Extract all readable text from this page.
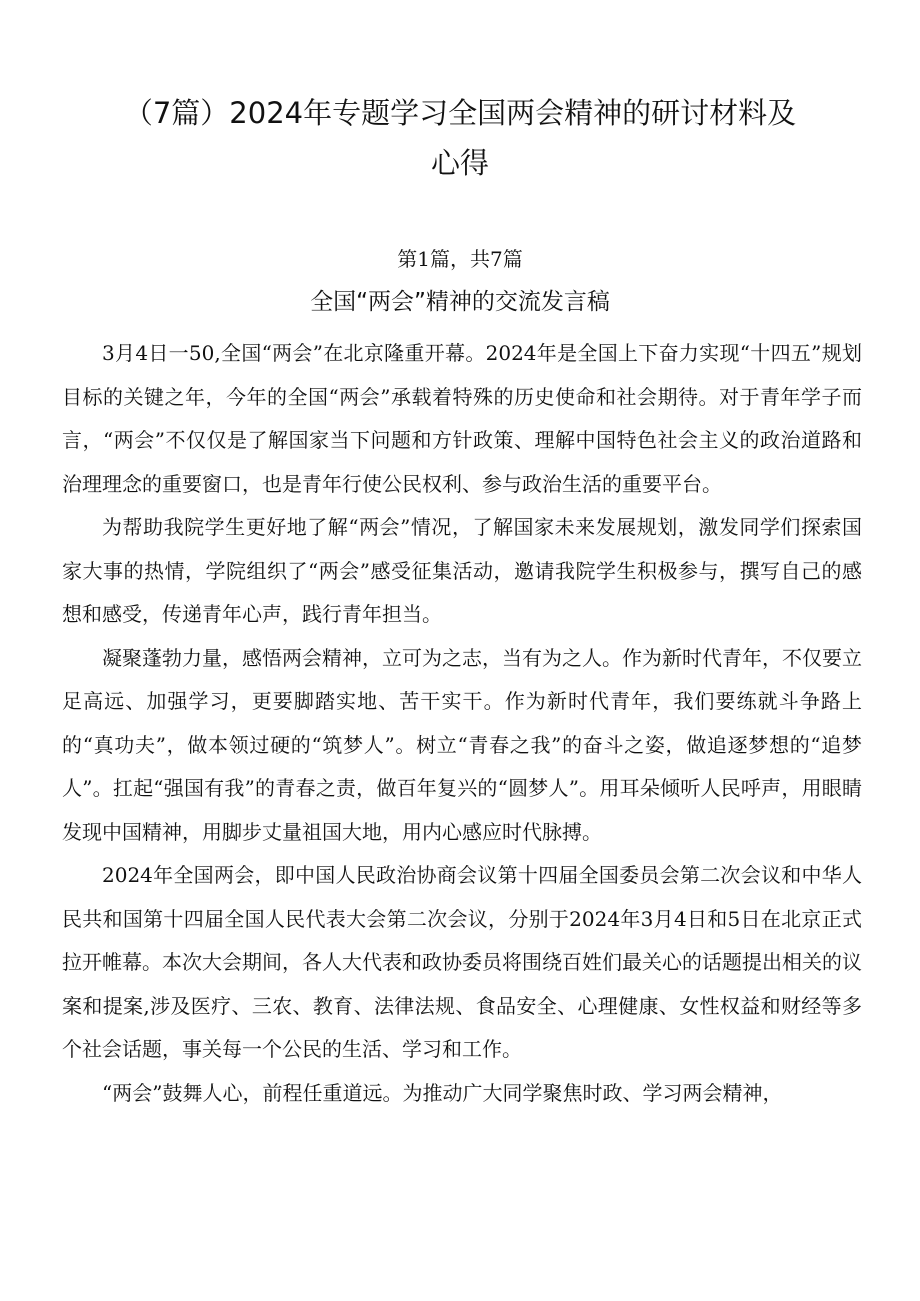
（7篇）2024年专题学习全国两会精神的研讨材料及心得
第1篇，共7篇
全国“两会”精神的交流发言稿

3月4日一50,全国“两会”在北京隆重开幕。2024年是全国上下奋力实现“十四五”规划目标的关键之年，今年的全国“两会”承载着特殊的历史使命和社会期待。对于青年学子而言，“两会”不仅仅是了解国家当下问题和方针政策、理解中国特色社会主义的政治道路和治理理念的重要窗口，也是青年行使公民权利、参与政治生活的重要平台。

为帮助我院学生更好地了解“两会”情况，了解国家未来发展规划，激发同学们探索国家大事的热情，学院组织了“两会”感受征集活动，邀请我院学生积极参与，撰写自己的感想和感受，传递青年心声，践行青年担当。

凝聚蓬勃力量，感悟两会精神，立可为之志，当有为之人。作为新时代青年，不仅要立足高远、加强学习，更要脚踏实地、苦干实干。作为新时代青年，我们要练就斗争路上的“真功夫”，做本领过硬的“筑梦人”。树立“青春之我”的奋斗之姿，做追逐梦想的“追梦人”。扛起“强国有我”的青春之责，做百年复兴的“圆梦人”。用耳朵倾听人民呼声，用眼睛发现中国精神，用脚步丈量祖国大地，用内心感应时代脉搏。

2024年全国两会，即中国人民政治协商会议第十四届全国委员会第二次会议和中华人民共和国第十四届全国人民代表大会第二次会议，分别于2024年3月4日和5日在北京正式拉开帷幕。本次大会期间，各人大代表和政协委员将围绕百姓们最关心的话题提出相关的议案和提案,涉及医疗、三农、教育、法律法规、食品安全、心理健康、女性权益和财经等多个社会话题，事关每一个公民的生活、学习和工作。

“两会”鼓舞人心，前程任重道远。为推动广大同学聚焦时政、学习两会精神，
